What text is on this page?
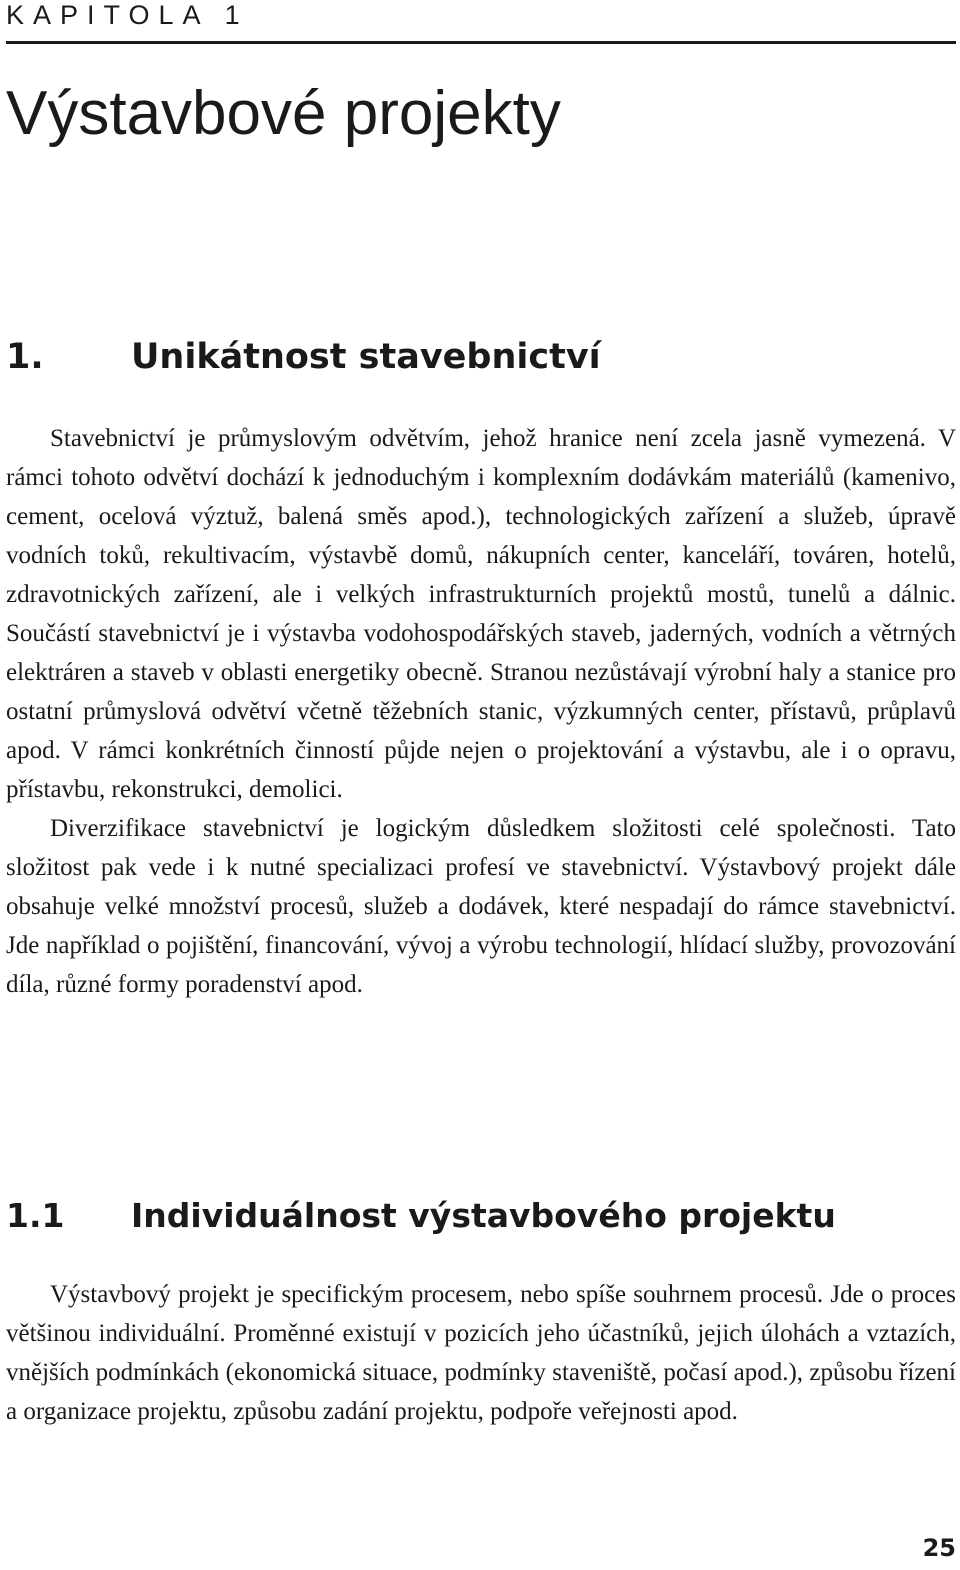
KAPITOLA 1
Výstavbové projekty
1. Unikátnost stavebnictví

Stavebnictví je průmyslovým odvětvím, jehož hranice není zcela jasně vymezená. V rámci tohoto odvětví dochází k jednoduchým i komplexním dodávkám materiálů (kamenivo, cement, ocelová výztuž, balená směs apod.), technologických zařízení a služeb, úpravě vodních toků, rekultivacím, výstavbě domů, nákupních center, kanceláří, továren, hotelů, zdravotnických zařízení, ale i velkých infrastrukturních projektů mostů, tunelů a dálnic. Součástí stavebnictví je i výstavba vodohospodářských staveb, jaderných, vodních a větrných elektráren a staveb v oblasti energetiky obecně. Stranou nezůstávají výrobní haly a stanice pro ostatní průmyslová odvětví včetně těžebních stanic, výzkumných center, přístavů, průplavů apod. V rámci konkrétních činností půjde nejen o projektování a výstavbu, ale i o opravu, přístavbu, rekonstrukci, demolici.

Diverzifikace stavebnictví je logickým důsledkem složitosti celé společnosti. Tato složitost pak vede i k nutné specializaci profesí ve stavebnictví. Výstavbový projekt dále obsahuje velké množství procesů, služeb a dodávek, které nespadají do rámce stavebnictví. Jde například o pojištění, financování, vývoj a výrobu technologií, hlídací služby, provozování díla, různé formy poradenství apod.

1.1 Individuálnost výstavbového projektu

Výstavbový projekt je specifickým procesem, nebo spíše souhrnem procesů. Jde o proces většinou individuální. Proměnné existují v pozicích jeho účastníků, jejich úlohách a vztazích, vnějších podmínkách (ekonomická situace, podmínky staveniště, počasí apod.), způsobu řízení a organizace projektu, způsobu zadání projektu, podpoře veřejnosti apod.

25
